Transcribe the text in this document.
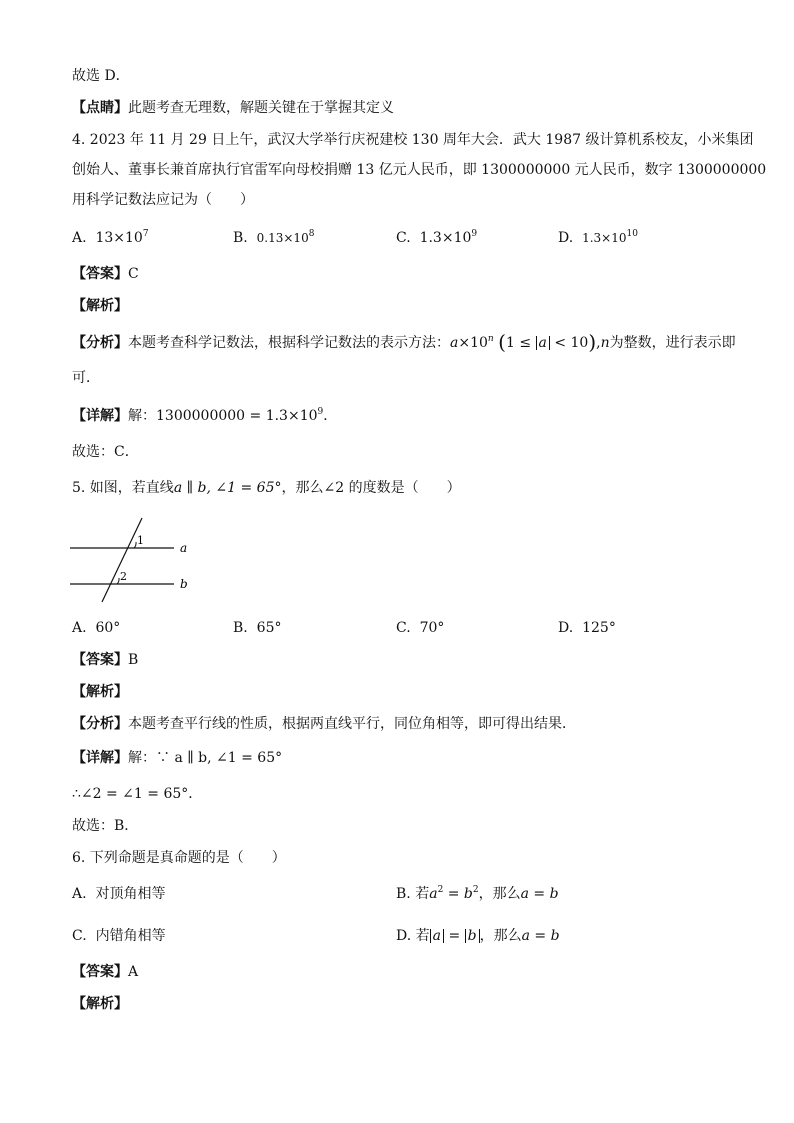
故选 D．
【点睛】此题考查无理数，解题关键在于掌握其定义
4. 2023 年 11 月 29 日上午，武汉大学举行庆祝建校 130 周年大会．武大 1987 级计算机系校友，小米集团
创始人、董事长兼首席执行官雷军向母校捐赠 13 亿元人民币，即 1300000000 元人民币，数字 1300000000
用科学记数法应记为（　　）
A. $13\times 10^7$	B. $0.13\times 10^8$	C. $1.3\times 10^9$	D. $1.3\times 10^{10}$
【答案】C
【解析】
【分析】本题考查科学记数法，根据科学记数法的表示方法：$a\times 10^n$ (1 ≤ a < 10),n为整数，进行表示即
可．
【详解】解：$1300000000 = 1.3\times 10^9$．
故选：C．
5. 如图，若直线a ∥ b, ∠1 = 65°，那么∠2 的度数是（　　）
1
2
a
b
A. 60°	B. 65°	C. 70°	D. 125°
【答案】B
【解析】
【分析】本题考查平行线的性质，根据两直线平行，同位角相等，即可得出结果．
【详解】解：∵ a ∥ b, ∠1 = 65°
∴∠2 = ∠1 = 65°．
故选：B．
6. 下列命题是真命题的是（　　）
A. 对顶角相等	B. 若$a^2 = b^2$，那么a = b
C. 内错角相等	D. 若 a = b ，那么a = b
【答案】A
【解析】
